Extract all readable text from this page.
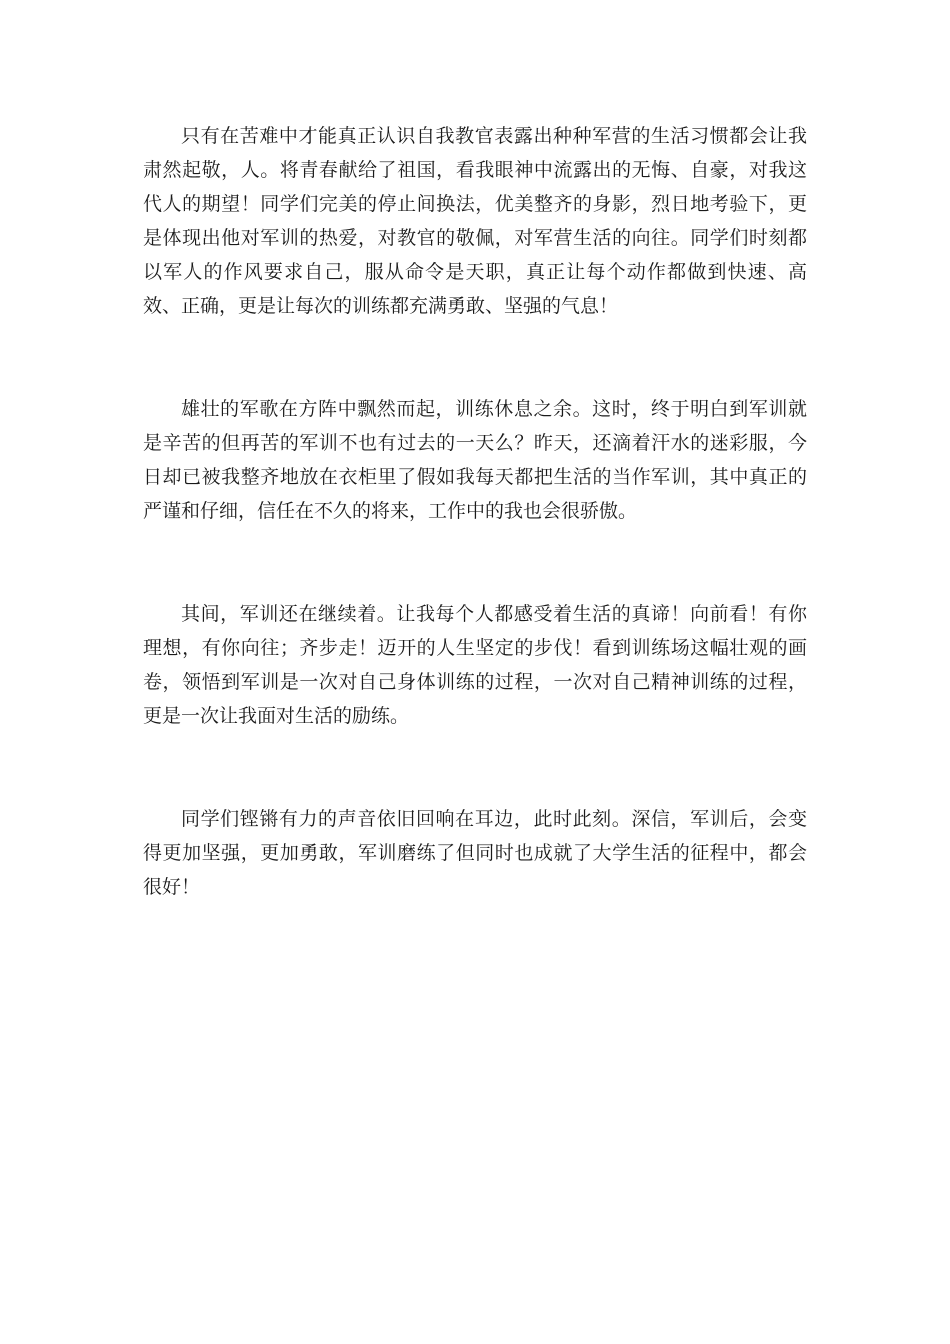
只有在苦难中才能真正认识自我教官表露出种种军营的生活习惯都会让我肃然起敬，人。将青春献给了祖国，看我眼神中流露出的无悔、自豪，对我这代人的期望！同学们完美的停止间换法，优美整齐的身影，烈日地考验下，更是体现出他对军训的热爱，对教官的敬佩，对军营生活的向往。同学们时刻都以军人的作风要求自己，服从命令是天职，真正让每个动作都做到快速、高效、正确，更是让每次的训练都充满勇敢、坚强的气息！

雄壮的军歌在方阵中飘然而起，训练休息之余。这时，终于明白到军训就是辛苦的但再苦的军训不也有过去的一天么？昨天，还滴着汗水的迷彩服，今日却已被我整齐地放在衣柜里了假如我每天都把生活的当作军训，其中真正的严谨和仔细，信任在不久的将来，工作中的我也会很骄傲。

其间，军训还在继续着。让我每个人都感受着生活的真谛！向前看！有你理想，有你向往；齐步走！迈开的人生坚定的步伐！看到训练场这幅壮观的画卷，领悟到军训是一次对自己身体训练的过程，一次对自己精神训练的过程，更是一次让我面对生活的励练。

同学们铿锵有力的声音依旧回响在耳边，此时此刻。深信，军训后，会变得更加坚强，更加勇敢，军训磨练了但同时也成就了大学生活的征程中，都会很好！
